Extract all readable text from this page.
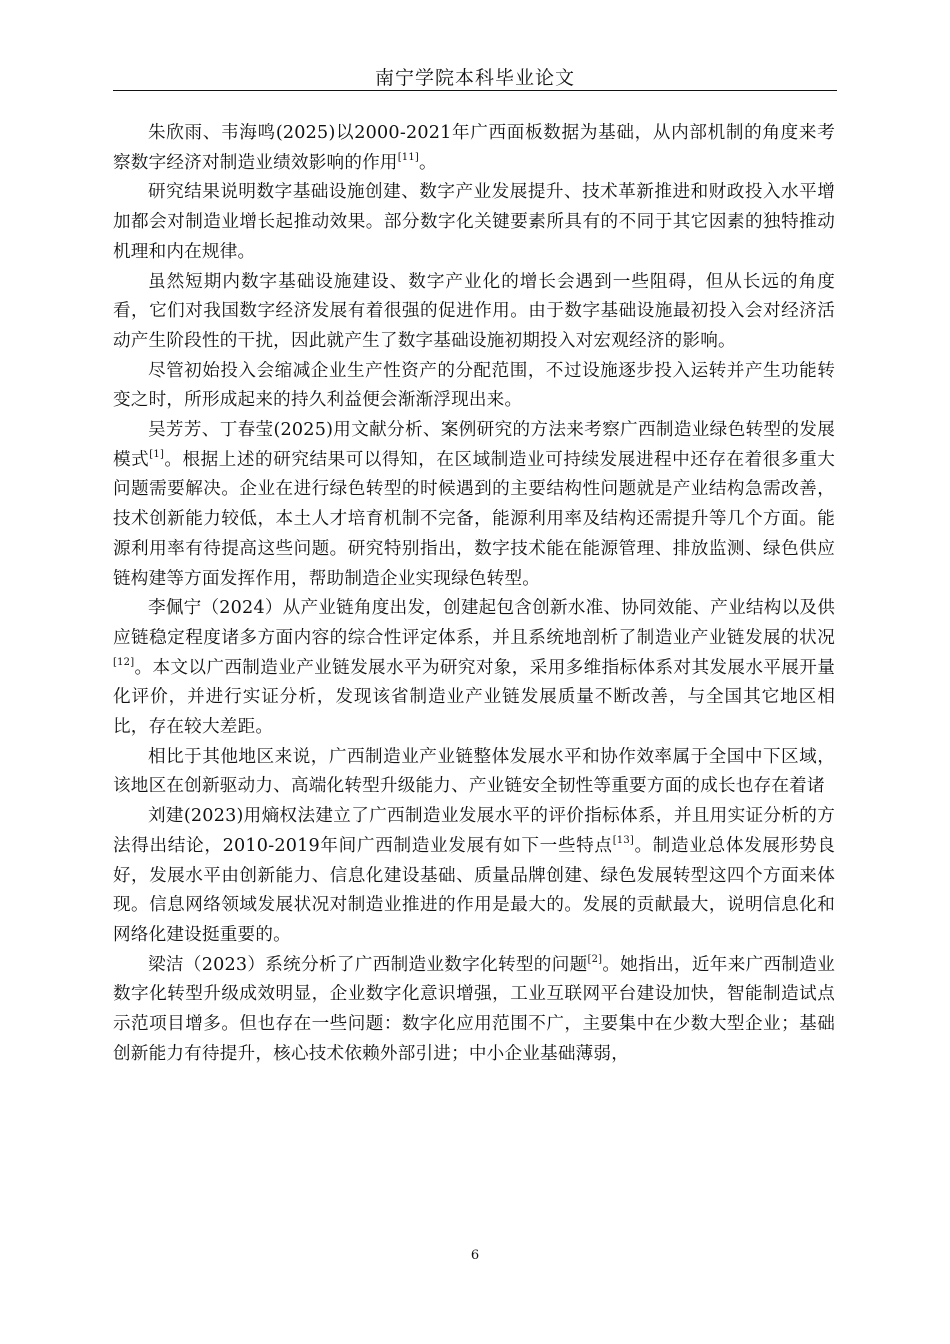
南宁学院本科毕业论文

朱欣雨、韦海鸣(2025)以2000-2021年广西面板数据为基础，从内部机制的角度来考察数字经济对制造业绩效影响的作用[11]。

研究结果说明数字基础设施创建、数字产业发展提升、技术革新推进和财政投入水平增加都会对制造业增长起推动效果。部分数字化关键要素所具有的不同于其它因素的独特推动机理和内在规律。

虽然短期内数字基础设施建设、数字产业化的增长会遇到一些阻碍，但从长远的角度看，它们对我国数字经济发展有着很强的促进作用。由于数字基础设施最初投入会对经济活动产生阶段性的干扰，因此就产生了数字基础设施初期投入对宏观经济的影响。

尽管初始投入会缩减企业生产性资产的分配范围，不过设施逐步投入运转并产生功能转变之时，所形成起来的持久利益便会渐渐浮现出来。

吴芳芳、丁春莹(2025)用文献分析、案例研究的方法来考察广西制造业绿色转型的发展模式[1]。根据上述的研究结果可以得知，在区域制造业可持续发展进程中还存在着很多重大问题需要解决。企业在进行绿色转型的时候遇到的主要结构性问题就是产业结构急需改善，技术创新能力较低，本土人才培育机制不完备，能源利用率及结构还需提升等几个方面。能源利用率有待提高这些问题。研究特别指出，数字技术能在能源管理、排放监测、绿色供应链构建等方面发挥作用，帮助制造企业实现绿色转型。

李佩宁（2024）从产业链角度出发，创建起包含创新水准、协同效能、产业结构以及供应链稳定程度诸多方面内容的综合性评定体系，并且系统地剖析了制造业产业链发展的状况[12]。本文以广西制造业产业链发展水平为研究对象，采用多维指标体系对其发展水平展开量化评价，并进行实证分析，发现该省制造业产业链发展质量不断改善，与全国其它地区相比，存在较大差距。

相比于其他地区来说，广西制造业产业链整体发展水平和协作效率属于全国中下区域，该地区在创新驱动力、高端化转型升级能力、产业链安全韧性等重要方面的成长也存在着诸

刘建(2023)用熵权法建立了广西制造业发展水平的评价指标体系，并且用实证分析的方法得出结论，2010-2019年间广西制造业发展有如下一些特点[13]。制造业总体发展形势良好，发展水平由创新能力、信息化建设基础、质量品牌创建、绿色发展转型这四个方面来体现。信息网络领域发展状况对制造业推进的作用是最大的。发展的贡献最大，说明信息化和网络化建设挺重要的。

梁洁（2023）系统分析了广西制造业数字化转型的问题[2]。她指出，近年来广西制造业数字化转型升级成效明显，企业数字化意识增强，工业互联网平台建设加快，智能制造试点示范项目增多。但也存在一些问题：数字化应用范围不广，主要集中在少数大型企业；基础创新能力有待提升，核心技术依赖外部引进；中小企业基础薄弱，

6
